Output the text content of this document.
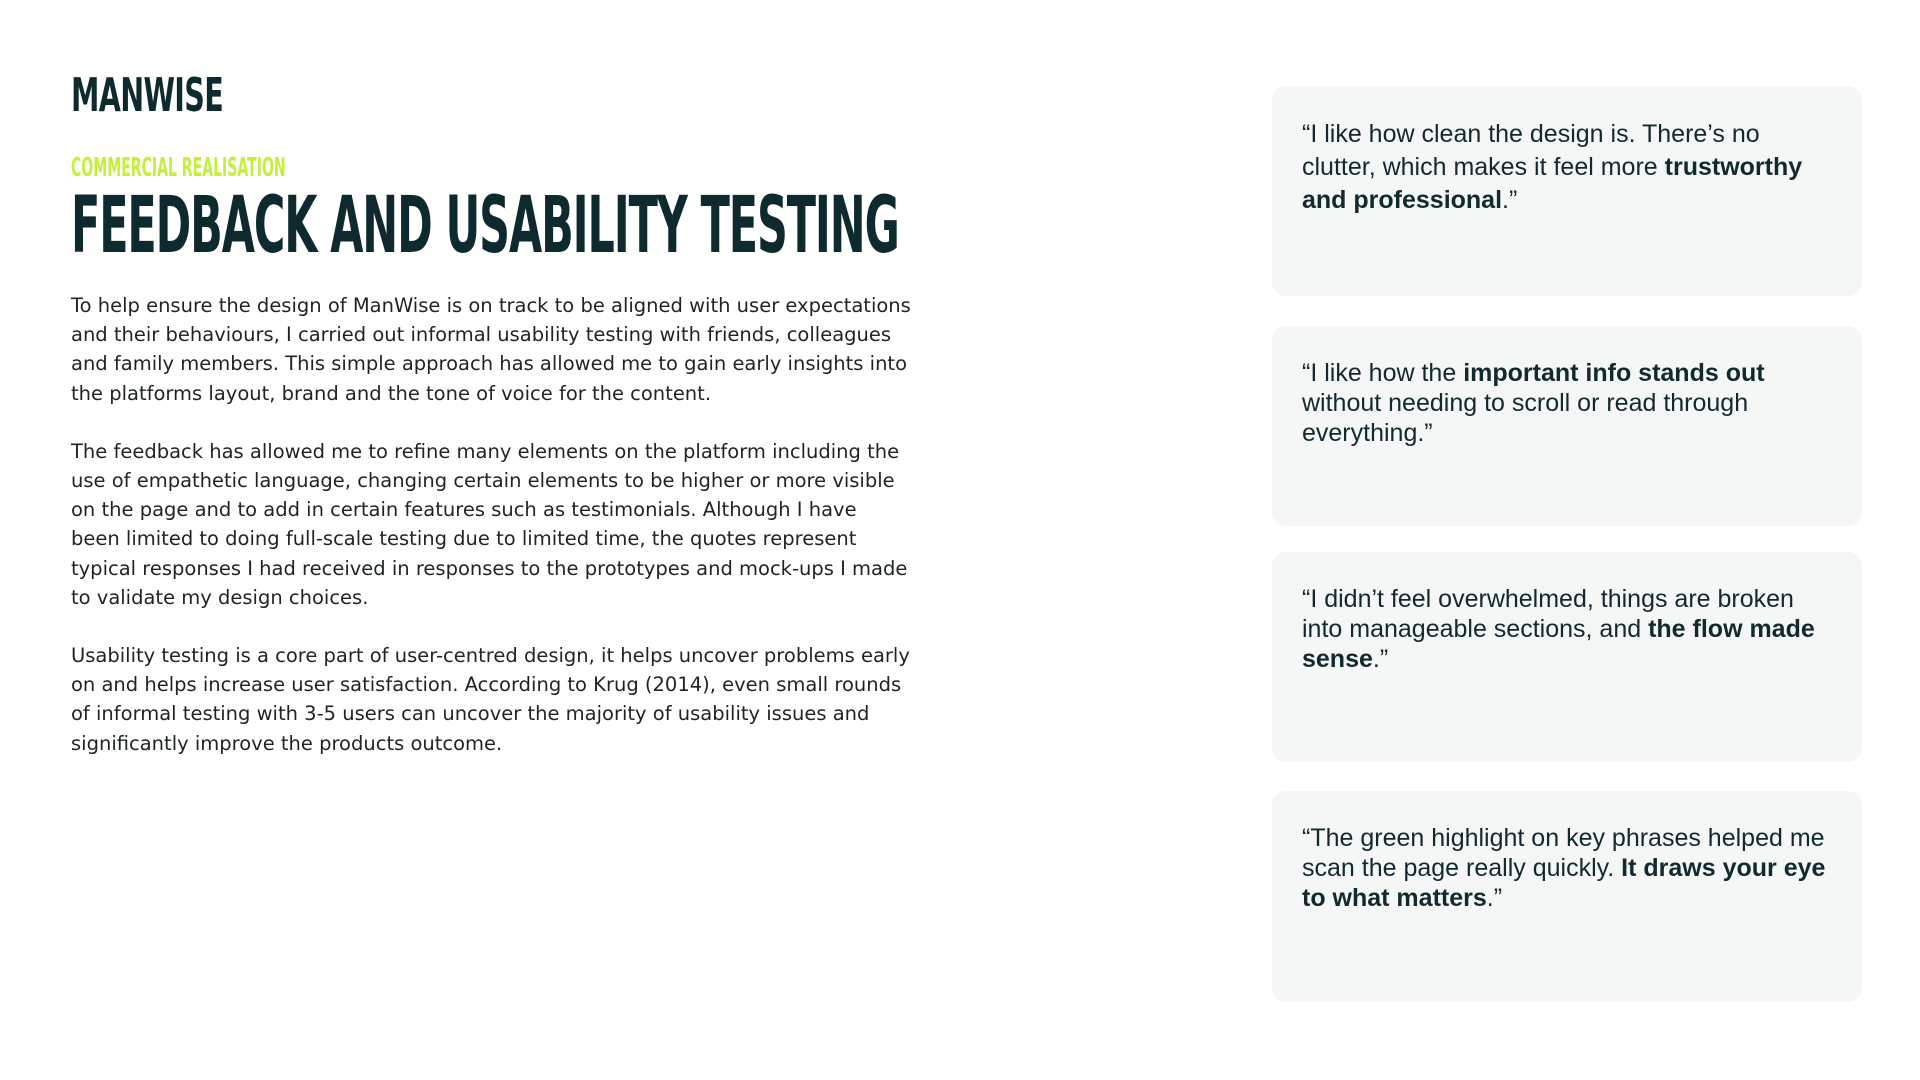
MANWISE
COMMERCIAL REALISATION
FEEDBACK AND USABILITY TESTING

To help ensure the design of ManWise is on track to be aligned with user expectations and their behaviours, I carried out informal usability testing with friends, colleagues and family members. This simple approach has allowed me to gain early insights into the platforms layout, brand and the tone of voice for the content.

The feedback has allowed me to refine many elements on the platform including the use of empathetic language, changing certain elements to be higher or more visible on the page and to add in certain features such as testimonials. Although I have been limited to doing full-scale testing due to limited time, the quotes represent typical responses I had received in responses to the prototypes and mock-ups I made to validate my design choices.

Usability testing is a core part of user-centred design, it helps uncover problems early on and helps increase user satisfaction. According to Krug (2014), even small rounds of informal testing with 3-5 users can uncover the majority of usability issues and significantly improve the products outcome.

“I like how clean the design is. There’s no clutter, which makes it feel more trustworthy and professional.”

“I like how the important info stands out without needing to scroll or read through everything.”

“I didn’t feel overwhelmed, things are broken into manageable sections, and the flow made sense.”

“The green highlight on key phrases helped me scan the page really quickly. It draws your eye to what matters.”
